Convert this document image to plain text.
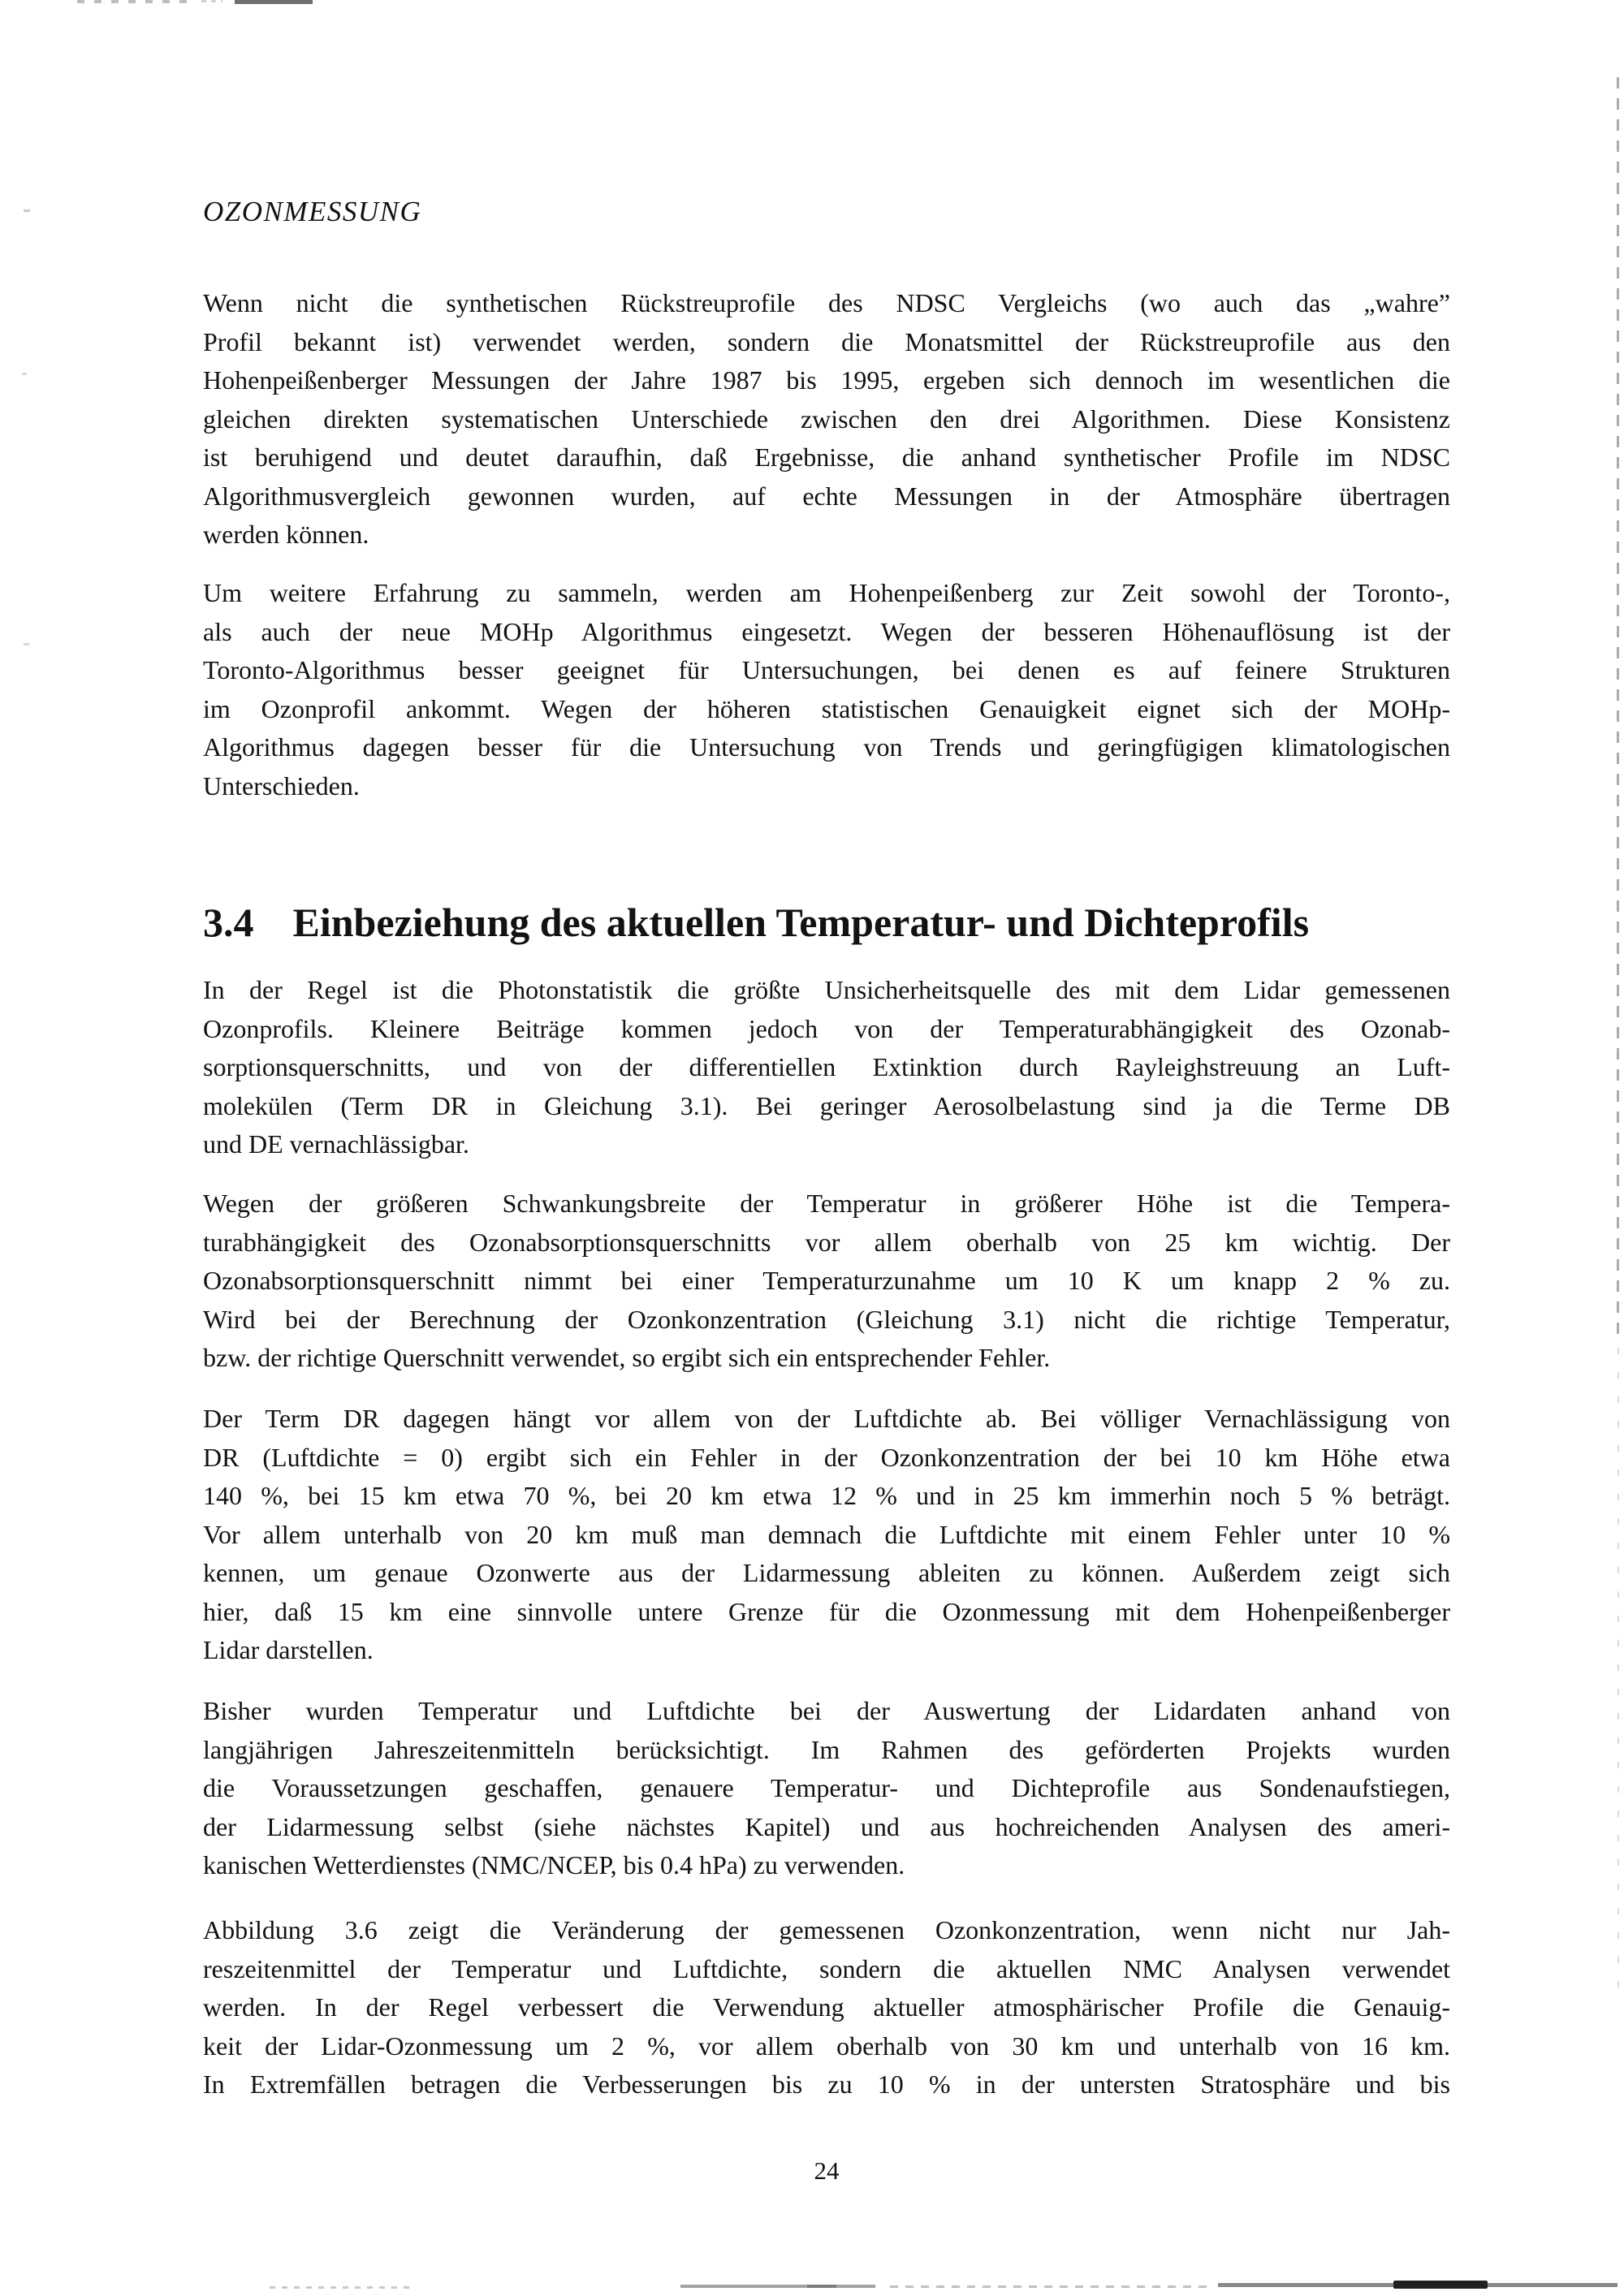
OZONMESSUNG

Wenn nicht die synthetischen Rückstreuprofile des NDSC Vergleichs (wo auch das „wahre”
Profil bekannt ist) verwendet werden, sondern die Monatsmittel der Rückstreuprofile aus den
Hohenpeißenberger Messungen der Jahre 1987 bis 1995, ergeben sich dennoch im wesentlichen die
gleichen direkten systematischen Unterschiede zwischen den drei Algorithmen. Diese Konsistenz
ist beruhigend und deutet daraufhin, daß Ergebnisse, die anhand synthetischer Profile im NDSC
Algorithmusvergleich gewonnen wurden, auf echte Messungen in der Atmosphäre übertragen
werden können.

Um weitere Erfahrung zu sammeln, werden am Hohenpeißenberg zur Zeit sowohl der Toronto-,
als auch der neue MOHp Algorithmus eingesetzt. Wegen der besseren Höhenauflösung ist der
Toronto-Algorithmus besser geeignet für Untersuchungen, bei denen es auf feinere Strukturen
im Ozonprofil ankommt. Wegen der höheren statistischen Genauigkeit eignet sich der MOHp-
Algorithmus dagegen besser für die Untersuchung von Trends und geringfügigen klimatologischen
Unterschieden.

3.4 Einbeziehung des aktuellen Temperatur- und Dichteprofils

In der Regel ist die Photonstatistik die größte Unsicherheitsquelle des mit dem Lidar gemessenen
Ozonprofils. Kleinere Beiträge kommen jedoch von der Temperaturabhängigkeit des Ozonab-
sorptionsquerschnitts, und von der differentiellen Extinktion durch Rayleighstreuung an Luft-
molekülen (Term DR in Gleichung 3.1). Bei geringer Aerosolbelastung sind ja die Terme DB
und DE vernachlässigbar.

Wegen der größeren Schwankungsbreite der Temperatur in größerer Höhe ist die Tempera-
turabhängigkeit des Ozonabsorptionsquerschnitts vor allem oberhalb von 25 km wichtig. Der
Ozonabsorptionsquerschnitt nimmt bei einer Temperaturzunahme um 10 K um knapp 2 % zu.
Wird bei der Berechnung der Ozonkonzentration (Gleichung 3.1) nicht die richtige Temperatur,
bzw. der richtige Querschnitt verwendet, so ergibt sich ein entsprechender Fehler.

Der Term DR dagegen hängt vor allem von der Luftdichte ab. Bei völliger Vernachlässigung von
DR (Luftdichte = 0) ergibt sich ein Fehler in der Ozonkonzentration der bei 10 km Höhe etwa
140 %, bei 15 km etwa 70 %, bei 20 km etwa 12 % und in 25 km immerhin noch 5 % beträgt.
Vor allem unterhalb von 20 km muß man demnach die Luftdichte mit einem Fehler unter 10 %
kennen, um genaue Ozonwerte aus der Lidarmessung ableiten zu können. Außerdem zeigt sich
hier, daß 15 km eine sinnvolle untere Grenze für die Ozonmessung mit dem Hohenpeißenberger
Lidar darstellen.

Bisher wurden Temperatur und Luftdichte bei der Auswertung der Lidardaten anhand von
langjährigen Jahreszeitenmitteln berücksichtigt. Im Rahmen des geförderten Projekts wurden
die Voraussetzungen geschaffen, genauere Temperatur- und Dichteprofile aus Sondenaufstiegen,
der Lidarmessung selbst (siehe nächstes Kapitel) und aus hochreichenden Analysen des ameri-
kanischen Wetterdienstes (NMC/NCEP, bis 0.4 hPa) zu verwenden.

Abbildung 3.6 zeigt die Veränderung der gemessenen Ozonkonzentration, wenn nicht nur Jah-
reszeitenmittel der Temperatur und Luftdichte, sondern die aktuellen NMC Analysen verwendet
werden. In der Regel verbessert die Verwendung aktueller atmosphärischer Profile die Genauig-
keit der Lidar-Ozonmessung um 2 %, vor allem oberhalb von 30 km und unterhalb von 16 km.
In Extremfällen betragen die Verbesserungen bis zu 10 % in der untersten Stratosphäre und bis

24
